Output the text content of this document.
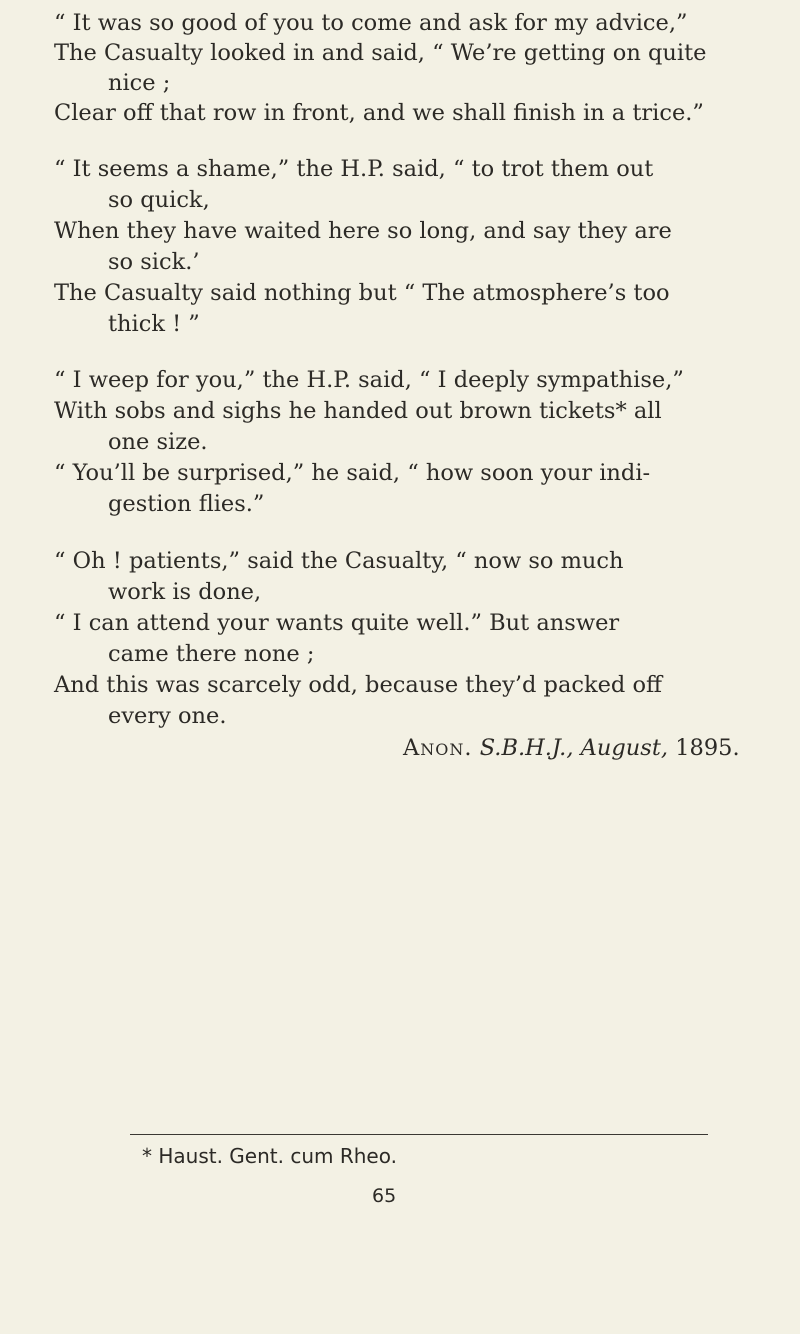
“ It was so good of you to come and ask for my advice,”
The Casualty looked in and said, “ We’re getting on quite
nice ;
Clear off that row in front, and we shall finish in a trice.”
“ It seems a shame,” the H.P. said, “ to trot them out
so quick,
When they have waited here so long, and say they are
so sick.’
The Casualty said nothing but “ The atmosphere’s too
thick ! ”
“ I weep for you,” the H.P. said, “ I deeply sympathise,”
With sobs and sighs he handed out brown tickets* all
one size.
“ You’ll be surprised,” he said, “ how soon your indi-
gestion flies.”
“ Oh ! patients,” said the Casualty, “ now so much
work is done,
“ I can attend your wants quite well.” But answer
came there none ;
And this was scarcely odd, because they’d packed off
every one.
Anon. S.B.H.J., August, 1895.
* Haust. Gent. cum Rheo.
65
